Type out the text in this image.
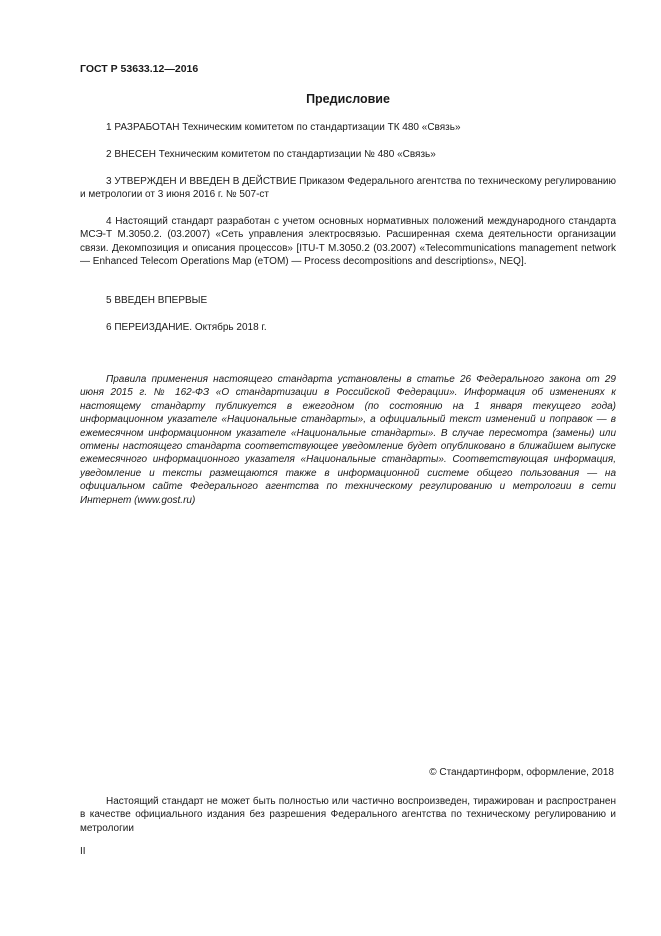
ГОСТ Р 53633.12—2016
Предисловие

1 РАЗРАБОТАН Техническим комитетом по стандартизации ТК 480 «Связь»

2 ВНЕСЕН Техническим комитетом по стандартизации № 480 «Связь»

3 УТВЕРЖДЕН И ВВЕДЕН В ДЕЙСТВИЕ Приказом Федерального агентства по техническому регулированию и метрологии от 3 июня 2016 г. № 507-ст

4 Настоящий стандарт разработан с учетом основных нормативных положений международного стандарта МСЭ-Т М.3050.2. (03.2007) «Сеть управления электросвязью. Расширенная схема деятельности организации связи. Декомпозиция и описания процессов» [ITU-T M.3050.2 (03.2007) «Telecommunications management network — Enhanced Telecom Operations Map (eTOM) — Process decompositions and descriptions», NEQ].

5 ВВЕДЕН ВПЕРВЫЕ

6 ПЕРЕИЗДАНИЕ. Октябрь 2018 г.

Правила применения настоящего стандарта установлены в статье 26 Федерального закона от 29 июня 2015 г. № 162-ФЗ «О стандартизации в Российской Федерации». Информация об изменениях к настоящему стандарту публикуется в ежегодном (по состоянию на 1 января текущего года) информационном указателе «Национальные стандарты», а официальный текст изменений и поправок — в ежемесячном информационном указателе «Национальные стандарты». В случае пересмотра (замены) или отмены настоящего стандарта соответствующее уведомление будет опубликовано в ближайшем выпуске ежемесячного информационного указателя «Национальные стандарты». Соответствующая информация, уведомление и тексты размещаются также в информационной системе общего пользования — на официальном сайте Федерального агентства по техническому регулированию и метрологии в сети Интернет (www.gost.ru)

© Стандартинформ, оформление, 2018

Настоящий стандарт не может быть полностью или частично воспроизведен, тиражирован и распространен в качестве официального издания без разрешения Федерального агентства по техническому регулированию и метрологии

II
